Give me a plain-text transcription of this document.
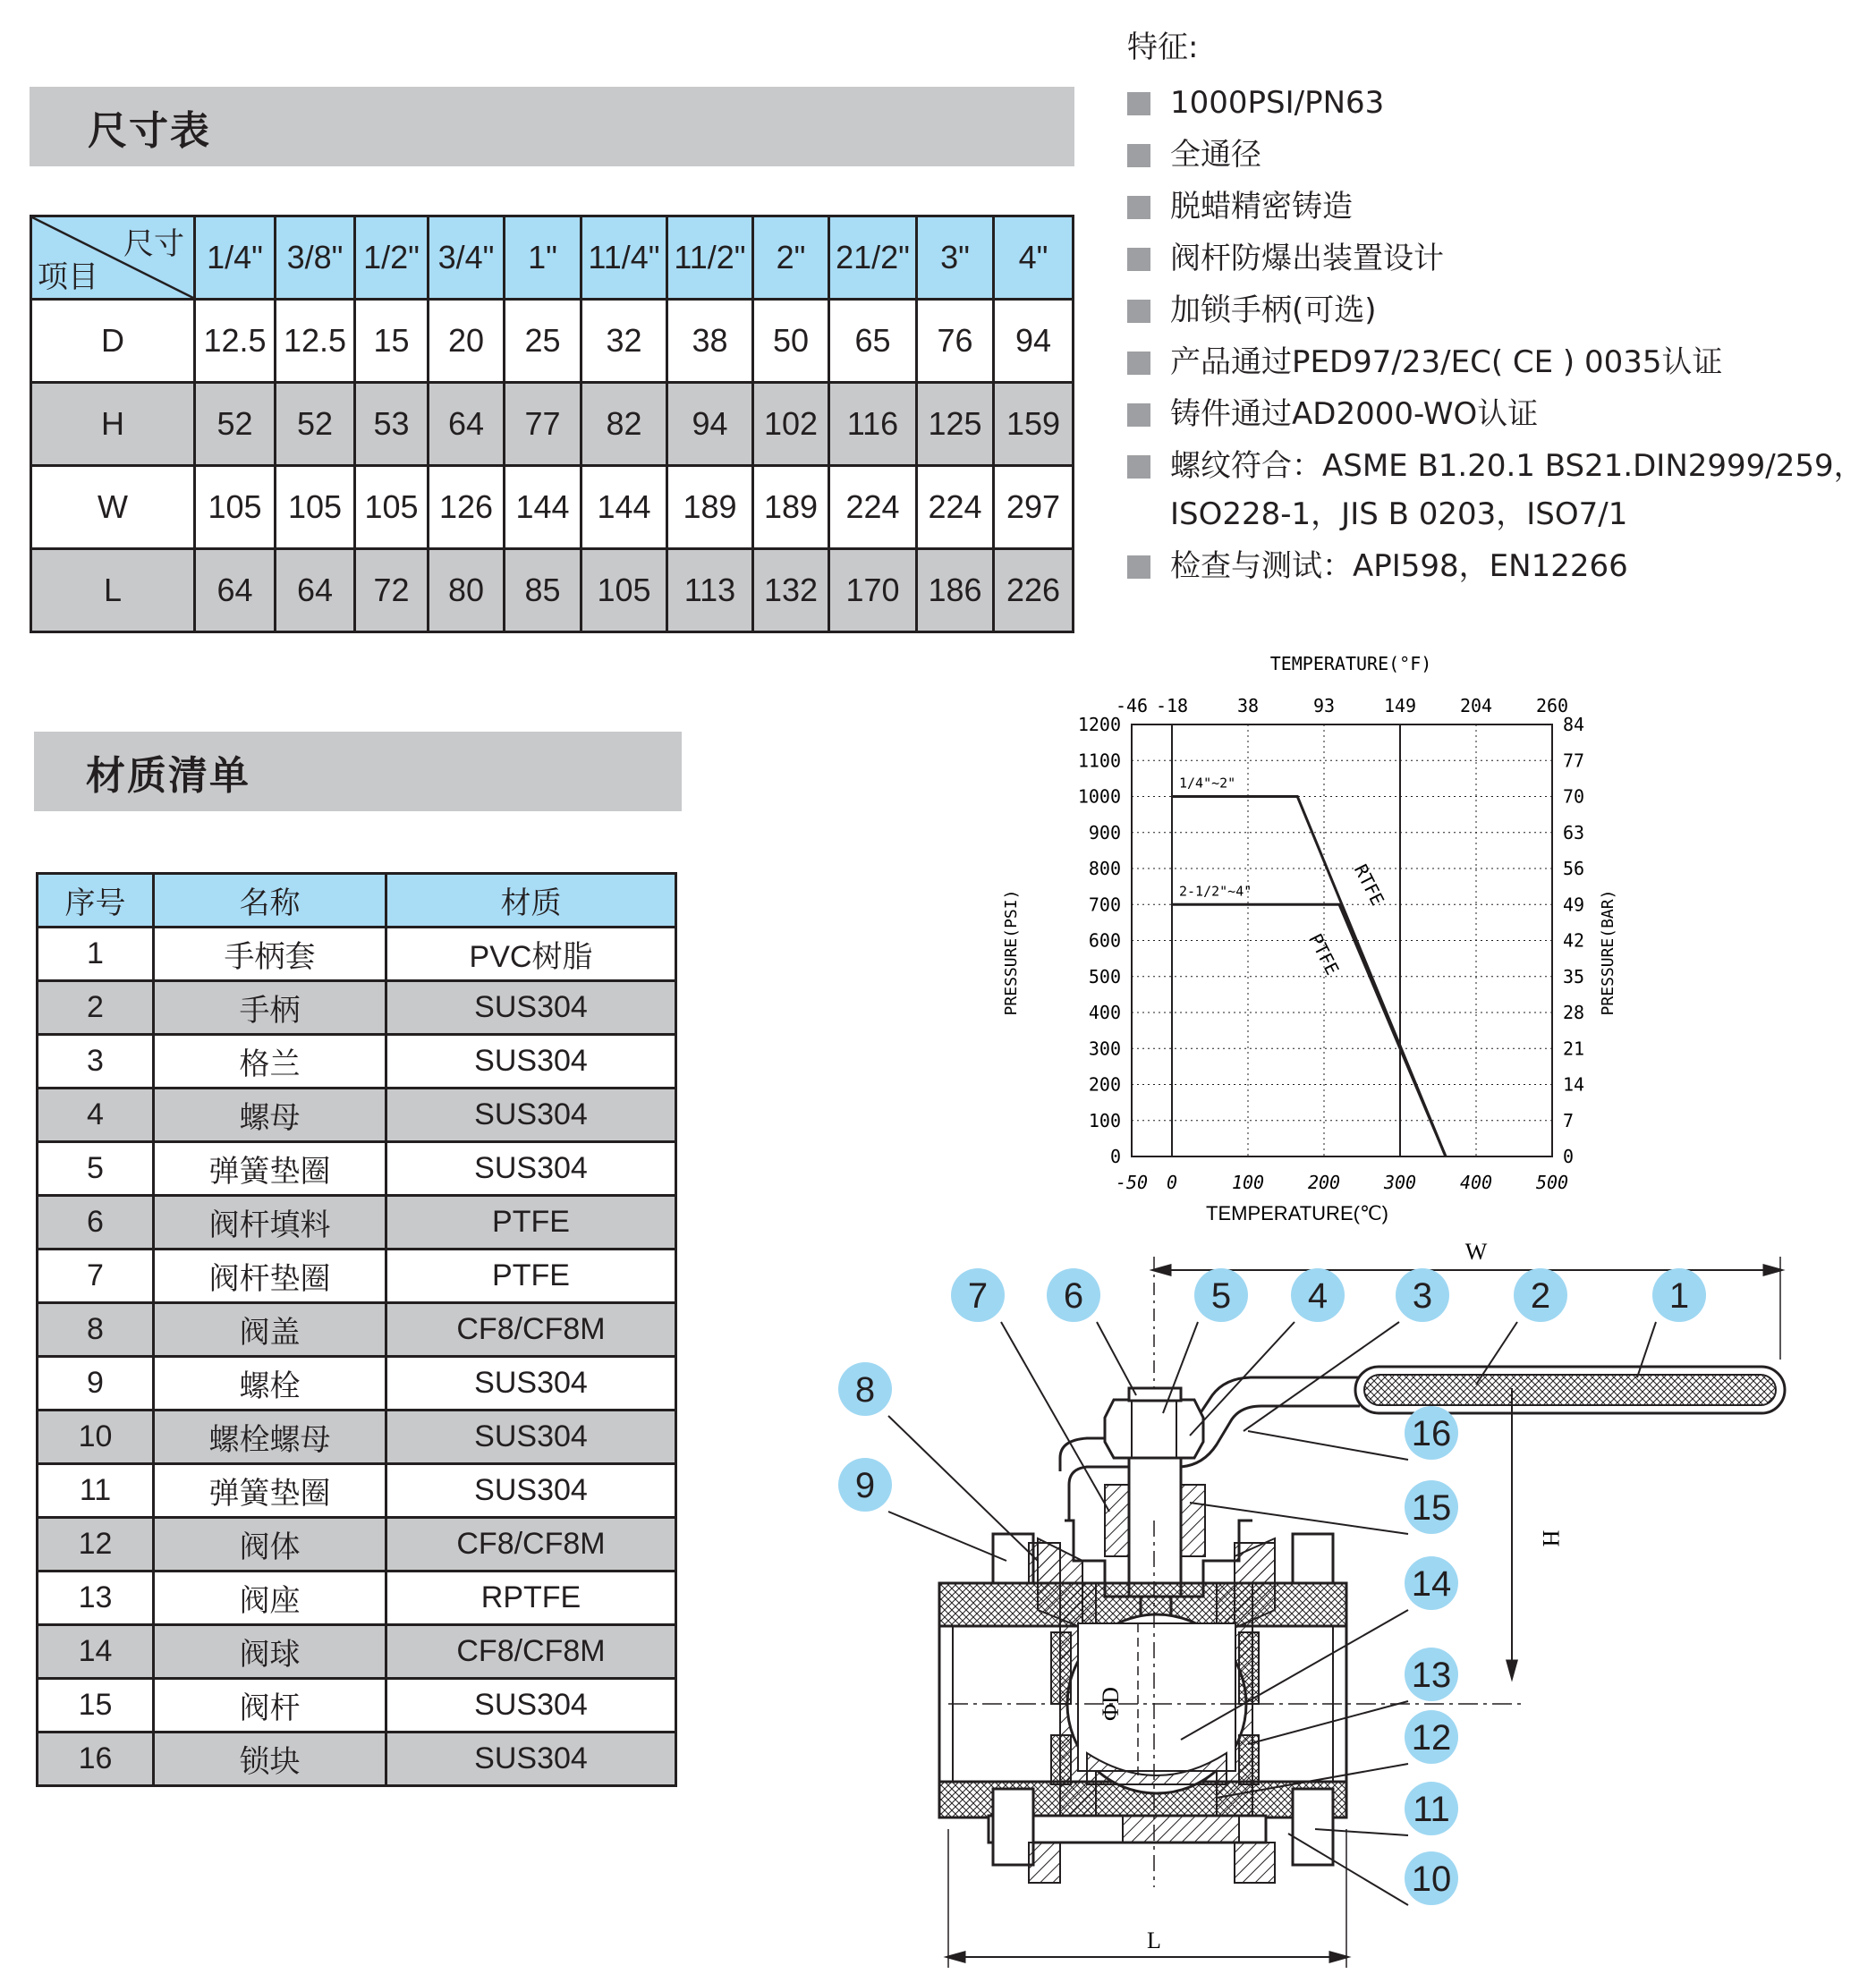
尺寸表
尺寸
项目	1/4"	3/8"	1/2"	3/4"	1"	11/4"	11/2"	2"	21/2"	3"	4"
D	12.5	12.5	15	20	25	32	38	50	65	76	94
H	52	52	53	64	77	82	94	102	116	125	159
W	105	105	105	126	144	144	189	189	224	224	297
L	64	64	72	80	85	105	113	132	170	186	226
材质清单
序号	名称	材质
1	手柄套	PVC树脂
2	手柄	SUS304
3	格兰	SUS304
4	螺母	SUS304
5	弹簧垫圈	SUS304
6	阀杆填料	PTFE
7	阀杆垫圈	PTFE
8	阀盖	CF8/CF8M
9	螺栓	SUS304
10	螺栓螺母	SUS304
11	弹簧垫圈	SUS304
12	阀体	CF8/CF8M
13	阀座	RPTFE
14	阀球	CF8/CF8M
15	阀杆	SUS304
16	锁块	SUS304
特征:
1000PSI/PN63
全通径
脱蜡精密铸造
阀杆防爆出装置设计
加锁手柄(可选)
产品通过PED97/23/EC( CE ) 0035认证
铸件通过AD2000-WO认证
螺纹符合：ASME B1.20.1 BS21.DIN2999/259，
ISO228-1，JIS B 0203，ISO7/1
检查与测试：API598，EN12266
0	0
100	7
200	14
300	21
400	28
500	35
600	42
700	49
800	56
900	63
1000	70
1100	77
1200	84
-50 0	100 200 300 400 500
-46 -18	38	93	149 204 260
1/4"~2"
2-1/2"~4"	RTFE
PTFE
TEMPERATURE(°F)
TEMPERATURE(℃)
PRESSURE(PSI)	PRESSURE(BAR)
1
2
3
4
5
6
7
8
9
10
11
12
13
14
15
16
W
H
L
ΦD
